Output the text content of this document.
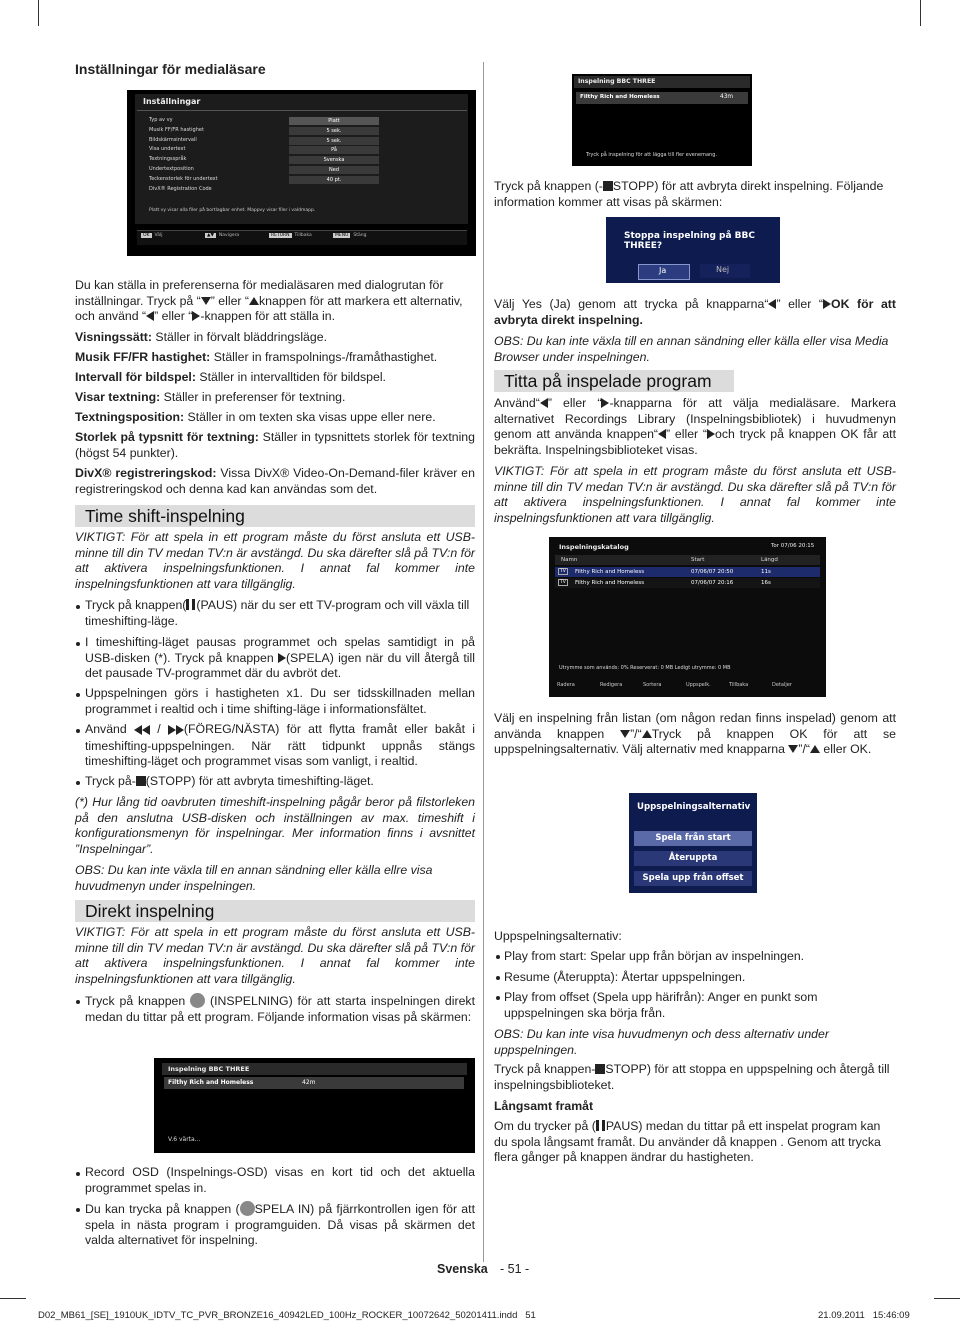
Inställningar för medialäsare
Inställningar
Typ av vy	Platt
Musik FF/FR hastighet	5 sek.
Bildskärmsintervall	5 sek.
Visa undertext	På
Textningsspråk	Svenska
Undertextposition	Ned
Teckenstorlek för undertext	40 pt.
DivX® Registration Code
Platt vy visar alla filer på bortlagbar enhet. Mappvy visar filer i valdmapp.
OK Välj	▲▼ Navigera	RETURN Tillbaka	MENU Stäng

Du kan ställa in preferenserna för medialäsaren med dialogrutan för inställningar. Tryck på “ ” eller “ knappen för att markera ett alternativ, och använd “ ” eller “ -knappen för att ställa in.

Visningssätt: Ställer in förvalt bläddringsläge.

Musik FF/FR hastighet: Ställer in framspolnings-/framåthastighet.

Intervall för bildspel: Ställer in intervalltiden för bildspel.

Visar textning: Ställer in preferenser för textning.

Textningsposition: Ställer in om texten ska visas uppe eller nere.

Storlek på typsnitt för textning: Ställer in typsnittets storlek för textning (högst 54 punkter).

DivX® registreringskod: Vissa DivX® Video-On-Demand-filer kräver en registreringskod och denna kad kan användas som det.

Time shift-inspelning

VIKTIGT: För att spela in ett program måste du först ansluta ett USB-minne till din TV medan TV:n är avstängd. Du ska därefter slå på TV:n för att aktivera inspelningsfunktionen. I annat fal kommer inte inspelningsfunktionen att vara tillgänglig.

Tryck på knappen( (PAUS) när du ser ett TV-program och vill växla till timeshifting-läge.

I timeshifting-läget pausas programmet och spelas samtidigt in på USB-disken (*). Tryck på knappen (SPELA) igen när du vill återgå till det pausade TV-programmet där du avbröt det.

Uppspelningen görs i hastigheten x1. Du ser tidsskillnaden mellan programmet i realtid och i time shifting-läge i informationsfältet.

Använd  / (FÖREG/NÄSTA) för att flytta framåt eller bakåt i timeshifting-uppspelningen. När rätt tidpunkt uppnås stängs timeshifting-läget och programmet visas som vanligt, i realtid.

Tryck på- (STOPP) för att avbryta timeshifting-läget.

(*) Hur lång tid oavbruten timeshift-inspelning pågår beror på filstorleken på den anslutna USB-disken och inställningen av max. timeshift i konfigurationsmenyn för inspelningar. Mer information finns i avsnittet ”Inspelningar”.

OBS: Du kan inte växla till en annan sändning eller källa ellre visa huvudmenyn under inspelningen.

Direkt inspelning

VIKTIGT: För att spela in ett program måste du först ansluta ett USB-minne till din TV medan TV:n är avstängd. Du ska därefter slå på TV:n för att aktivera inspelningsfunktionen. I annat fal kommer inte inspelningsfunktionen att vara tillgänglig.

Tryck på knappen (INSPELNING) för att starta inspelningen direkt medan du tittar på ett program. Följande information visas på skärmen:

Inspelning BBC THREE
Filthy Rich and Homeless	42m
V.6 värta...

Record OSD (Inspelnings-OSD) visas en kort tid och det aktuella programmet spelas in.

Du kan trycka på knappen ( SPELA IN) på fjärrkontrollen igen för att spela in nästa program i programguiden. Då visas på skärmen det valda alternativet för inspelning.

Inspelning BBC THREE
Filthy Rich and Homeless	43m
Tryck på inspelning för att lägga till fler evenemang.

Tryck på knappen (- STOPP) för att avbryta direkt inspelning. Följande information kommer att visas på skärmen:

Stoppa inspelning på BBC THREE?
Ja	Nej

Välj Yes (Ja) genom att trycka på knapparna“ ” eller “ OK för att avbryta direkt inspelning.

OBS: Du kan inte växla till en annan sändning eller källa eller visa Media Browser under inspelningen.

Titta på inspelade program

Använd“ ” eller “ -knapparna för att välja medialäsare. Markera alternativet Recordings Library (Inspelningsbibliotek) i huvudmenyn genom att använda knappen“ ” eller “ och tryck på knappen OK får att bekräfta. Inspelningsbiblioteket visas.

VIKTIGT: För att spela in ett program måste du först ansluta ett USB-minne till din TV medan TV:n är avstängd. Du ska därefter slå på TV:n för att aktivera inspelningsfunktionen. I annat fal kommer inte inspelningsfunktionen att vara tillgänglig.

Inspelningskatalog	Tor 07/06 20:15
Namn	Start	Längd
TV	Filthy Rich and Homeless	07/06/07 20:50	11s
TV	Filthy Rich and Homeless	07/06/07 20:16	16s
Utrymme som används: 0% Reserverat: 0 MB Ledigt utrymme: 0 MB
Radera	Redigera	Sortera	Uppspelk.	Tillbaka	Detaljer

Välj en inspelning från listan (om någon redan finns inspelad) genom att använda knappen ”/“ Tryck på knappen OK för att se uppspelningsalternativ. Välj alternativ med knapparna ”/“ eller OK.

Uppspelningsalternativ
Spela från start
Återuppta
Spela upp från offset

Uppspelningsalternativ:

Play from start: Spelar upp från början av inspelningen.

Resume (Återuppta): Återtar uppspelningen.

Play from offset (Spela upp härifrån): Anger en punkt som uppspelningen ska börja från.

OBS: Du kan inte visa huvudmenyn och dess alternativ under uppspelningen.

Tryck på knappen- STOPP) för att stoppa en uppspelning och återgå till inspelningsbiblioteket.

Långsamt framåt

Om du trycker på ( PAUS) medan du tittar på ett inspelat program kan du spola långsamt framåt. Du använder då knappen . Genom att trycka flera gånger på knappen ändrar du hastigheten.

Svenska - 51 -
D02_MB61_[SE]_1910UK_IDTV_TC_PVR_BRONZE16_40942LED_100Hz_ROCKER_10072642_50201411.indd   51	21.09.2011   15:46:09
